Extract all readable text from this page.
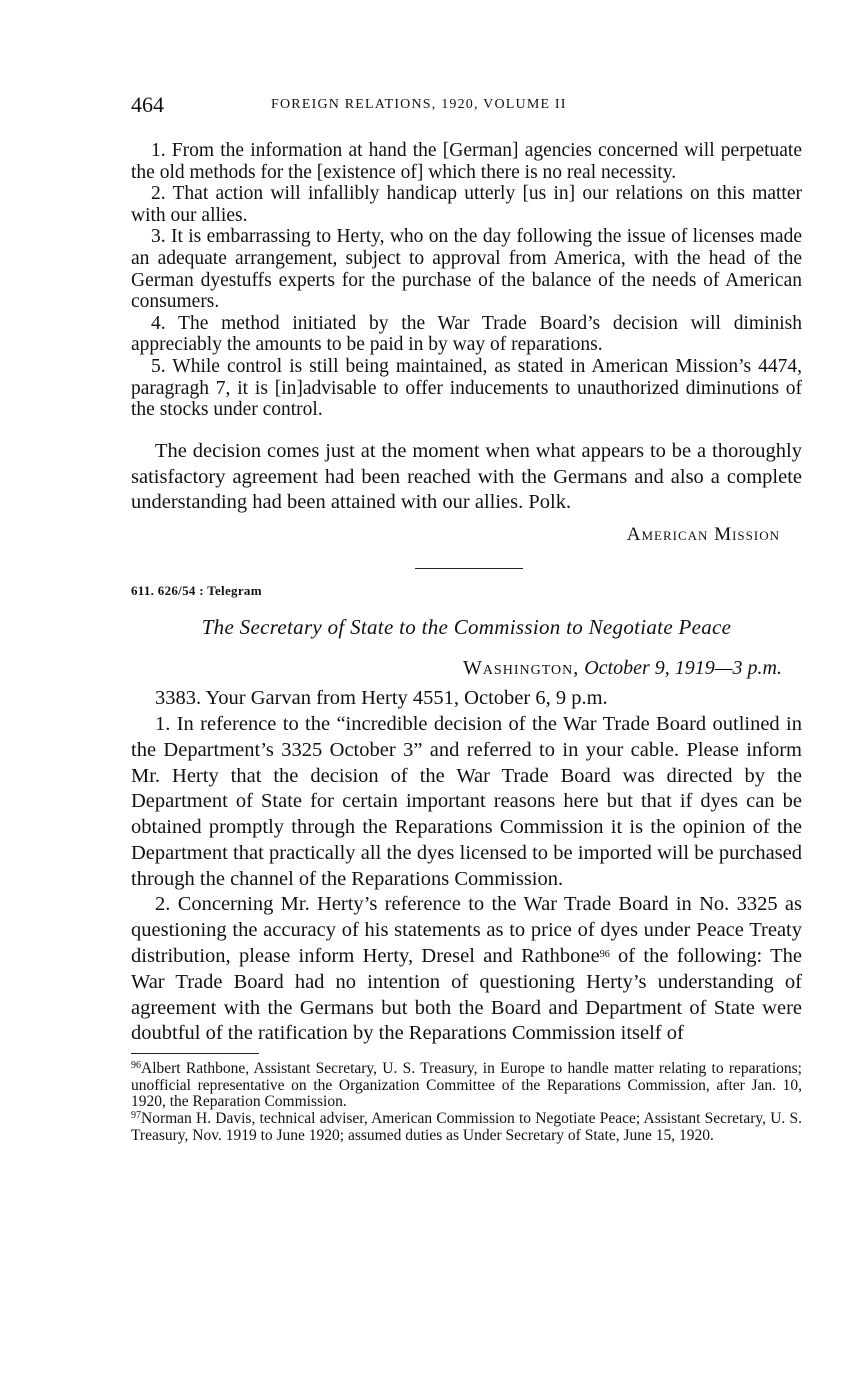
464	FOREIGN RELATIONS, 1920, VOLUME II

1. From the information at hand the [German] agencies concerned will perpetuate the old methods for the [existence of] which there is no real necessity.

2. That action will infallibly handicap utterly [us in] our relations on this matter with our allies.

3. It is embarrassing to Herty, who on the day following the issue of licenses made an adequate arrangement, subject to approval from America, with the head of the German dyestuffs experts for the purchase of the balance of the needs of American consumers.

4. The method initiated by the War Trade Board’s decision will diminish appreciably the amounts to be paid in by way of reparations.

5. While control is still being maintained, as stated in American Mission’s 4474, paragragh 7, it is [in]advisable to offer inducements to unauthorized diminutions of the stocks under control.

The decision comes just at the moment when what appears to be a thoroughly satisfactory agreement had been reached with the Germans and also a complete understanding had been attained with our allies. Polk.

American Mission
611. 626/54 : Telegram
The Secretary of State to the Commission to Negotiate Peace
Washington, October 9, 1919—3 p.m.

3383. Your Garvan from Herty 4551, October 6, 9 p.m.

1. In reference to the “incredible decision of the War Trade Board outlined in the Department’s 3325 October 3” and referred to in your cable. Please inform Mr. Herty that the decision of the War Trade Board was directed by the Department of State for certain important reasons here but that if dyes can be obtained promptly through the Reparations Commission it is the opinion of the Department that practically all the dyes licensed to be imported will be purchased through the channel of the Reparations Commission.

2. Concerning Mr. Herty’s reference to the War Trade Board in No. 3325 as questioning the accuracy of his statements as to price of dyes under Peace Treaty distribution, please inform Herty, Dresel and Rathbone$^{96}$ of the following: The War Trade Board had no intention of questioning Herty’s understanding of agreement with the Germans but both the Board and Department of State were doubtful of the ratification by the Reparations Commission itself of

$^{96}$Albert Rathbone, Assistant Secretary, U. S. Treasury, in Europe to handle matter relating to reparations; unofficial representative on the Organization Committee of the Reparations Commission, after Jan. 10, 1920, the Reparation Commission.

$^{97}$Norman H. Davis, technical adviser, American Commission to Negotiate Peace; Assistant Secretary, U. S. Treasury, Nov. 1919 to June 1920; assumed duties as Under Secretary of State, June 15, 1920.
